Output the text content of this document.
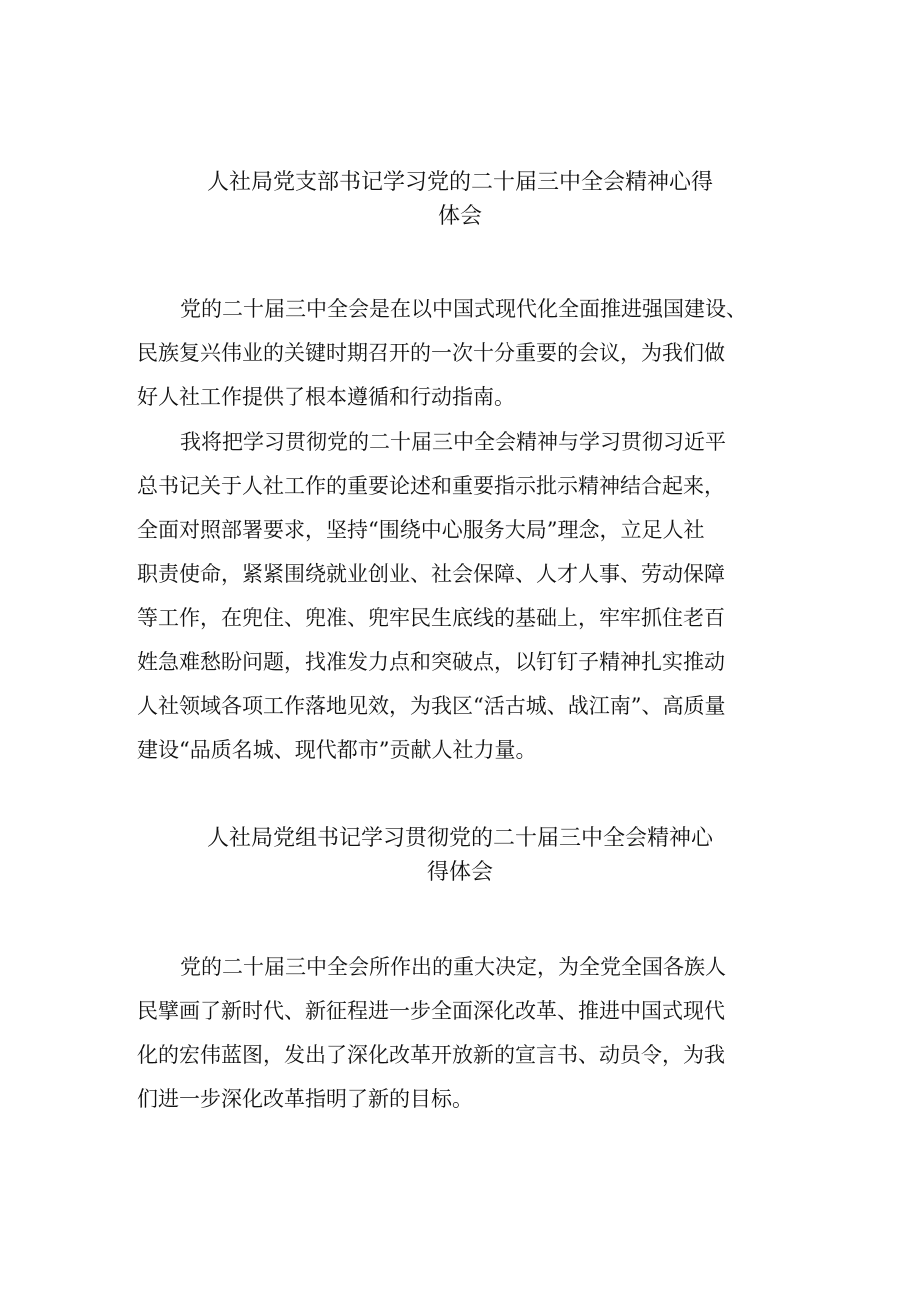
人社局党支部书记学习党的二十届三中全会精神心得
体会
党的二十届三中全会是在以中国式现代化全面推进强国建设、
民族复兴伟业的关键时期召开的一次十分重要的会议，为我们做
好人社工作提供了根本遵循和行动指南。
我将把学习贯彻党的二十届三中全会精神与学习贯彻习近平
总书记关于人社工作的重要论述和重要指示批示精神结合起来，
全面对照部署要求，坚持“围绕中心服务大局”理念，立足人社
职责使命，紧紧围绕就业创业、社会保障、人才人事、劳动保障
等工作，在兜住、兜准、兜牢民生底线的基础上，牢牢抓住老百
姓急难愁盼问题，找准发力点和突破点，以钉钉子精神扎实推动
人社领域各项工作落地见效，为我区“活古城、战江南”、高质量
建设“品质名城、现代都市”贡献人社力量。
人社局党组书记学习贯彻党的二十届三中全会精神心
得体会
党的二十届三中全会所作出的重大决定，为全党全国各族人
民擘画了新时代、新征程进一步全面深化改革、推进中国式现代
化的宏伟蓝图，发出了深化改革开放新的宣言书、动员令，为我
们进一步深化改革指明了新的目标。
